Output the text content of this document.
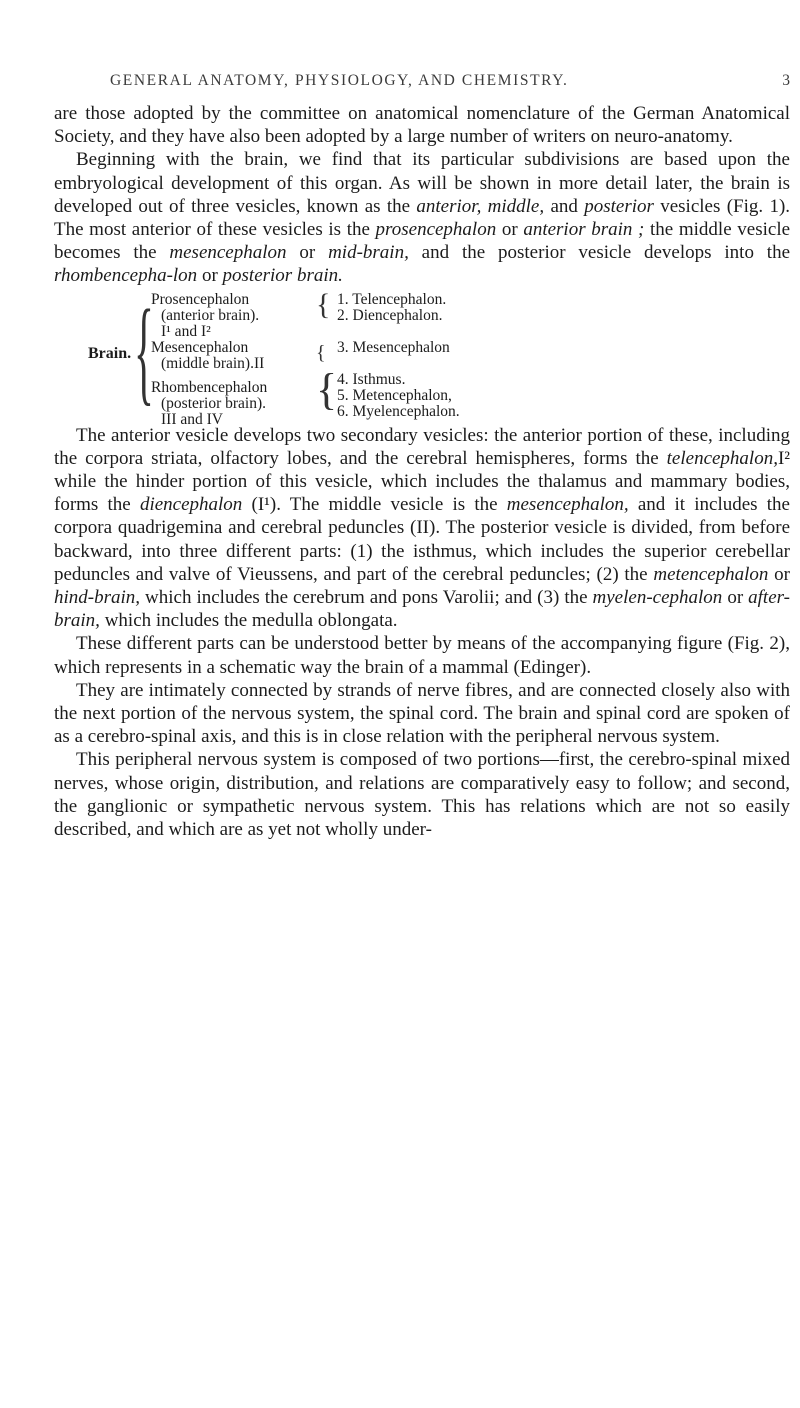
GENERAL ANATOMY, PHYSIOLOGY, AND CHEMISTRY.	3

are those adopted by the committee on anatomical nomenclature of the German Anatomical Society, and they have also been adopted by a large number of writers on neuro-anatomy.

Beginning with the brain, we find that its particular subdivisions are based upon the embryological development of this organ. As will be shown in more detail later, the brain is developed out of three vesicles, known as the anterior, middle, and posterior vesicles (Fig. 1). The most anterior of these vesicles is the prosencephalon or anterior brain ; the middle vesicle becomes the mesencephalon or mid-brain, and the posterior vesicle develops into the rhombencepha-lon or posterior brain.

Brain. {

Prosencephalon

(anterior brain).

I¹ and I²

Mesencephalon

(middle brain).II

Rhombencephalon

(posterior brain).

III and IV

{
{
{

1. Telencephalon.

2. Diencephalon.

3. Mesencephalon

4. Isthmus.

5. Metencephalon,

6. Myelencephalon.

The anterior vesicle develops two secondary vesicles: the anterior portion of these, including the corpora striata, olfactory lobes, and the cerebral hemispheres, forms the telencephalon,I² while the hinder portion of this vesicle, which includes the thalamus and mammary bodies, forms the diencephalon (I¹). The middle vesicle is the mesencephalon, and it includes the corpora quadrigemina and cerebral peduncles (II). The posterior vesicle is divided, from before backward, into three different parts: (1) the isthmus, which includes the superior cerebellar peduncles and valve of Vieussens, and part of the cerebral peduncles; (2) the metencephalon or hind-brain, which includes the cerebrum and pons Varolii; and (3) the myelen-cephalon or after-brain, which includes the medulla oblongata.

These different parts can be understood better by means of the accompanying figure (Fig. 2), which represents in a schematic way the brain of a mammal (Edinger).

They are intimately connected by strands of nerve fibres, and are connected closely also with the next portion of the nervous system, the spinal cord. The brain and spinal cord are spoken of as a cerebro-spinal axis, and this is in close relation with the peripheral nervous system.

This peripheral nervous system is composed of two portions—first, the cerebro-spinal mixed nerves, whose origin, distribution, and relations are comparatively easy to follow; and second, the ganglionic or sympathetic nervous system. This has relations which are not so easily described, and which are as yet not wholly under-
